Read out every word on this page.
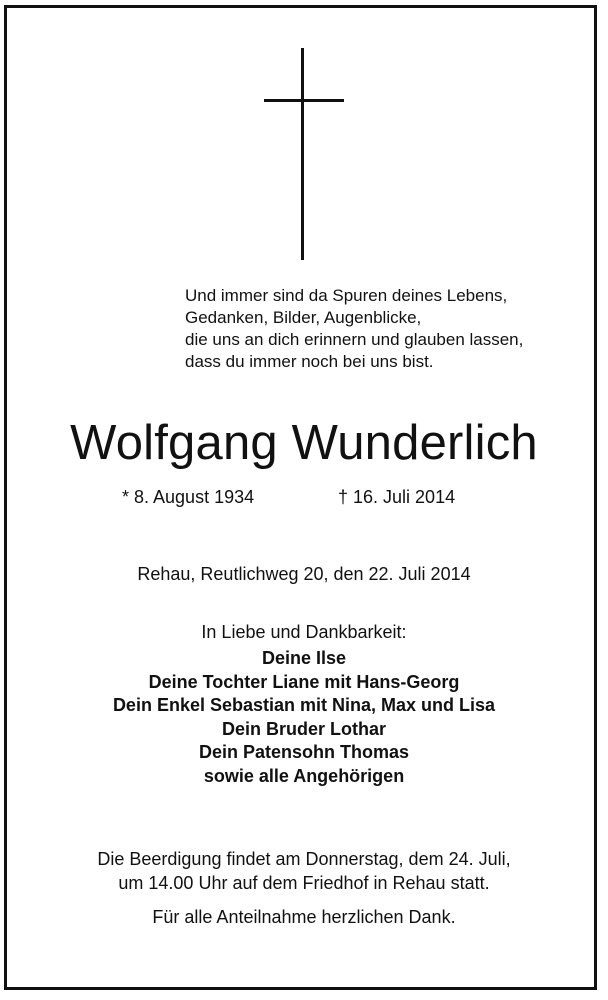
Und immer sind da Spuren deines Lebens,
Gedanken, Bilder, Augenblicke,
die uns an dich erinnern und glauben lassen,
dass du immer noch bei uns bist.
Wolfgang Wunderlich
* 8. August 1934	† 16. Juli 2014
Rehau, Reutlichweg 20, den 22. Juli 2014
In Liebe und Dankbarkeit:
Deine Ilse
Deine Tochter Liane mit Hans-Georg
Dein Enkel Sebastian mit Nina, Max und Lisa
Dein Bruder Lothar
Dein Patensohn Thomas
sowie alle Angehörigen
Die Beerdigung findet am Donnerstag, dem 24. Juli,
um 14.00 Uhr auf dem Friedhof in Rehau statt.
Für alle Anteilnahme herzlichen Dank.
